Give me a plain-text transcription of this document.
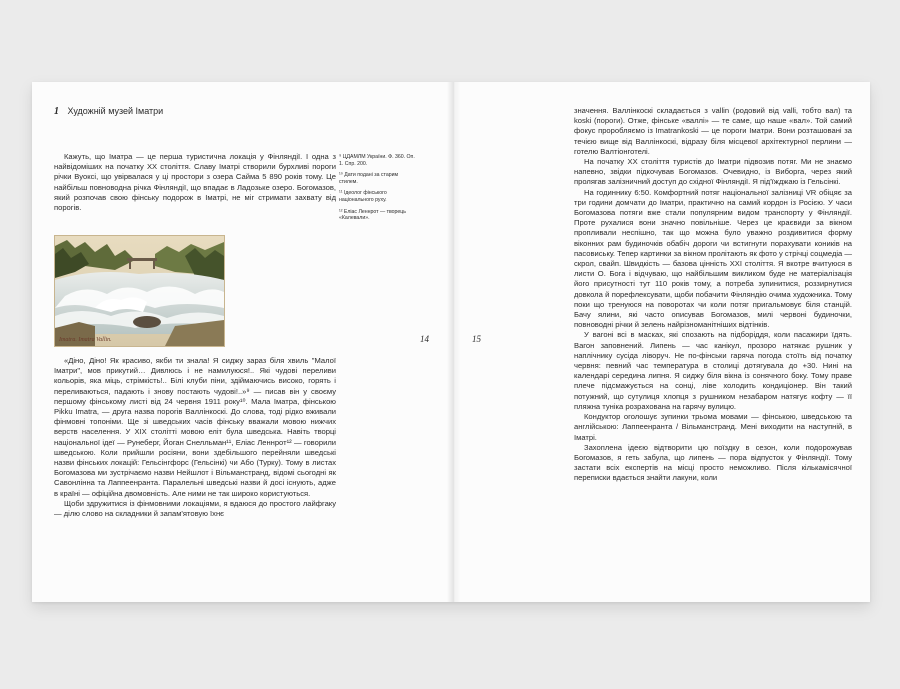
1 Художній музей Іматри

Кажуть, що Іматра — це перша туристична локація у Фінляндії. І одна з найвідоміших на початку ХХ століття. Славу Іматрі створили бурхливі пороги річки Вуоксі, що увірвалася у ці простори з озера Сайма 5 890 років тому. Це найбільш повноводна річка Фінляндії, що впадає в Ладозьке озеро. Богомазов, який розпочав свою фінську подорож в Іматрі, не міг стримати захвату від порогів.

⁹ ЦДАМЛМ України. Ф. 360. Оп. 1. Спр. 200.
¹⁰ Дати подані за старим стилем.
¹¹ Ідеолог фінського національного руху.
¹² Еліас Леннрот — творець «Калевали».
Imatra. Imatra Vallin.	14	15

«Діно, Діно! Як красиво, якби ти знала! Я сиджу зараз біля хвиль "Малої Іматри", мов прикутий… Дивлюсь і не намилуюся!.. Які чудові переливи кольорів, яка міць, стрімкість!.. Білі клуби піни, здіймаючись високо, горять і переливаються, падають і знову постають чудові!..»⁹ — писав він у своєму першому фінському листі від 24 червня 1911 року¹⁰. Мала Іматра, фінською Pikku Imatra, — друга назва порогів Валлінкоскі. До слова, тоді рідко вживали фінмовні топоніми. Ще зі шведських часів фінську вважали мовою нижчих верств населення. У XIX столітті мовою еліт була шведська. Навіть творці національної ідеї — Рунеберг, Йоган Снелльман¹¹, Еліас Леннрот¹² — говорили шведською. Коли прийшли росіяни, вони здебільшого перейняли шведські назви фінських локацій: Гельсінгфорс (Гельсінкі) чи Або (Турку). Тому в листах Богомазова ми зустрічаємо назви Нейшлот і Вільманстранд, відомі сьогодні як Савонлінна та Лаппеенранта. Паралельні шведські назви й досі існують, адже в країні — офіційна двомовність. Але ними не так широко користуються.

Щоби здружитися із фінмовними локаціями, я вдаюся до простого лайфгаку — ділю слово на складники й запам'ятовую їхнє

значення. Валлінкоскі складається з vallin (родовий від valli, тобто вал) та koski (пороги). Отже, фінське «валлі» — те саме, що наше «вал». Той самий фокус проробляємо із Imatrankoski — це пороги Іматри. Вони розташовані за течією вище від Валлінкоскі, відразу біля місцевої архітектурної перлини — готелю Валтіонготелі.

На початку ХХ століття туристів до Іматри підвозив потяг. Ми не знаємо напевно, звідки підкочував Богомазов. Очевидно, із Виборга, через який пролягав залізничний доступ до східної Фінляндії. Я під'їжджаю із Гельсінкі.

На годиннику 6:50. Комфортний потяг національної залізниці VR обіцяє за три години домчати до Іматри, практично на самий кордон із Росією. У часи Богомазова потяги вже стали популярним видом транспорту у Фінляндії. Проте рухалися вони значно повільніше. Через це краєвиди за вікном пропливали неспішно, так що можна було уважно роздивитися форму віконних рам будиночків обабіч дороги чи встигнути порахувати коників на пасовиську. Тепер картинки за вікном пролітають як фото у стрічці соцмедіа — скрол, свайп. Швидкість — базова цінність XXI століття. Я вкотре вчитуюся в листи О. Бога і відчуваю, що найбільшим викликом буде не матеріалізація його присутності тут 110 років тому, а потреба зупинитися, роззирнутися довкола й порефлексувати, щоби побачити Фінляндію очима художника. Тому поки що тренуюся на поворотах чи коли потяг пригальмовує біля станцій. Бачу ялини, які часто описував Богомазов, милі червоні будиночки, повноводні річки й зелень найрізноманітніших відтінків.

У вагоні всі в масках, які спозають на підборіддя, коли пасажири їдять. Вагон заповнений. Липень — час канікул, прозоро натякає рушник у наплічнику сусіда ліворуч. Не по-фінськи гаряча погода стоїть від початку червня: певний час температура в столиці дотягувала до +30. Нині на календарі середина липня. Я сиджу біля вікна із сонячного боку. Тому праве плече підсмажується на сонці, ліве холодить кондиціонер. Він такий потужний, що сутулиця хлопця з рушником незабаром натягує кофту — її пляжна туніка розрахована на гарячу вулицю.

Кондуктор оголошує зупинки трьома мовами — фінською, шведською та англійською: Лаппеенранта / Вільманстранд. Мені виходити на наступній, в Іматрі.

Захоплена ідеєю відтворити цю поїздку в сезон, коли подорожував Богомазов, я геть забула, що липень — пора відпусток у Фінляндії. Тому застати всіх експертів на місці просто неможливо. Після кількамісячної переписки вдається знайти лакуни, коли
